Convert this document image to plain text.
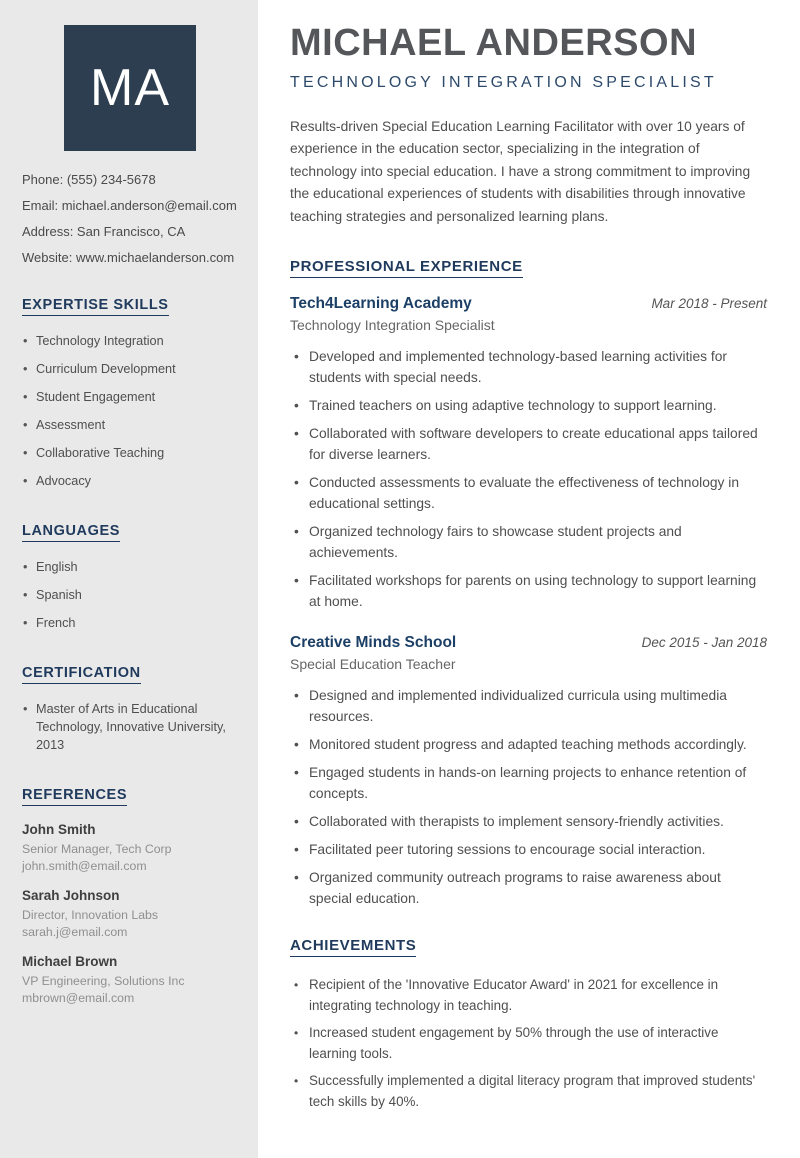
MA
Phone: (555) 234-5678
Email: michael.anderson@email.com
Address: San Francisco, CA
Website: www.michaelanderson.com
EXPERTISE SKILLS
• Technology Integration
• Curriculum Development
• Student Engagement
• Assessment
• Collaborative Teaching
• Advocacy
LANGUAGES
• English
• Spanish
• French
CERTIFICATION
• Master of Arts in Educational Technology, Innovative University, 2013
REFERENCES
John Smith
Senior Manager, Tech Corp
john.smith@email.com
Sarah Johnson
Director, Innovation Labs
sarah.j@email.com
Michael Brown
VP Engineering, Solutions Inc
mbrown@email.com
MICHAEL ANDERSON
TECHNOLOGY INTEGRATION SPECIALIST

Results-driven Special Education Learning Facilitator with over 10 years of experience in the education sector, specializing in the integration of technology into special education. I have a strong commitment to improving the educational experiences of students with disabilities through innovative teaching strategies and personalized learning plans.

PROFESSIONAL EXPERIENCE
Tech4Learning Academy	Mar 2018 - Present
Technology Integration Specialist
• Developed and implemented technology-based learning activities for students with special needs.
• Trained teachers on using adaptive technology to support learning.
• Collaborated with software developers to create educational apps tailored for diverse learners.
• Conducted assessments to evaluate the effectiveness of technology in educational settings.
• Organized technology fairs to showcase student projects and achievements.
• Facilitated workshops for parents on using technology to support learning at home.
Creative Minds School	Dec 2015 - Jan 2018
Special Education Teacher
• Designed and implemented individualized curricula using multimedia resources.
• Monitored student progress and adapted teaching methods accordingly.
• Engaged students in hands-on learning projects to enhance retention of concepts.
• Collaborated with therapists to implement sensory-friendly activities.
• Facilitated peer tutoring sessions to encourage social interaction.
• Organized community outreach programs to raise awareness about special education.
ACHIEVEMENTS
• Recipient of the 'Innovative Educator Award' in 2021 for excellence in integrating technology in teaching.
• Increased student engagement by 50% through the use of interactive learning tools.
• Successfully implemented a digital literacy program that improved students' tech skills by 40%.
